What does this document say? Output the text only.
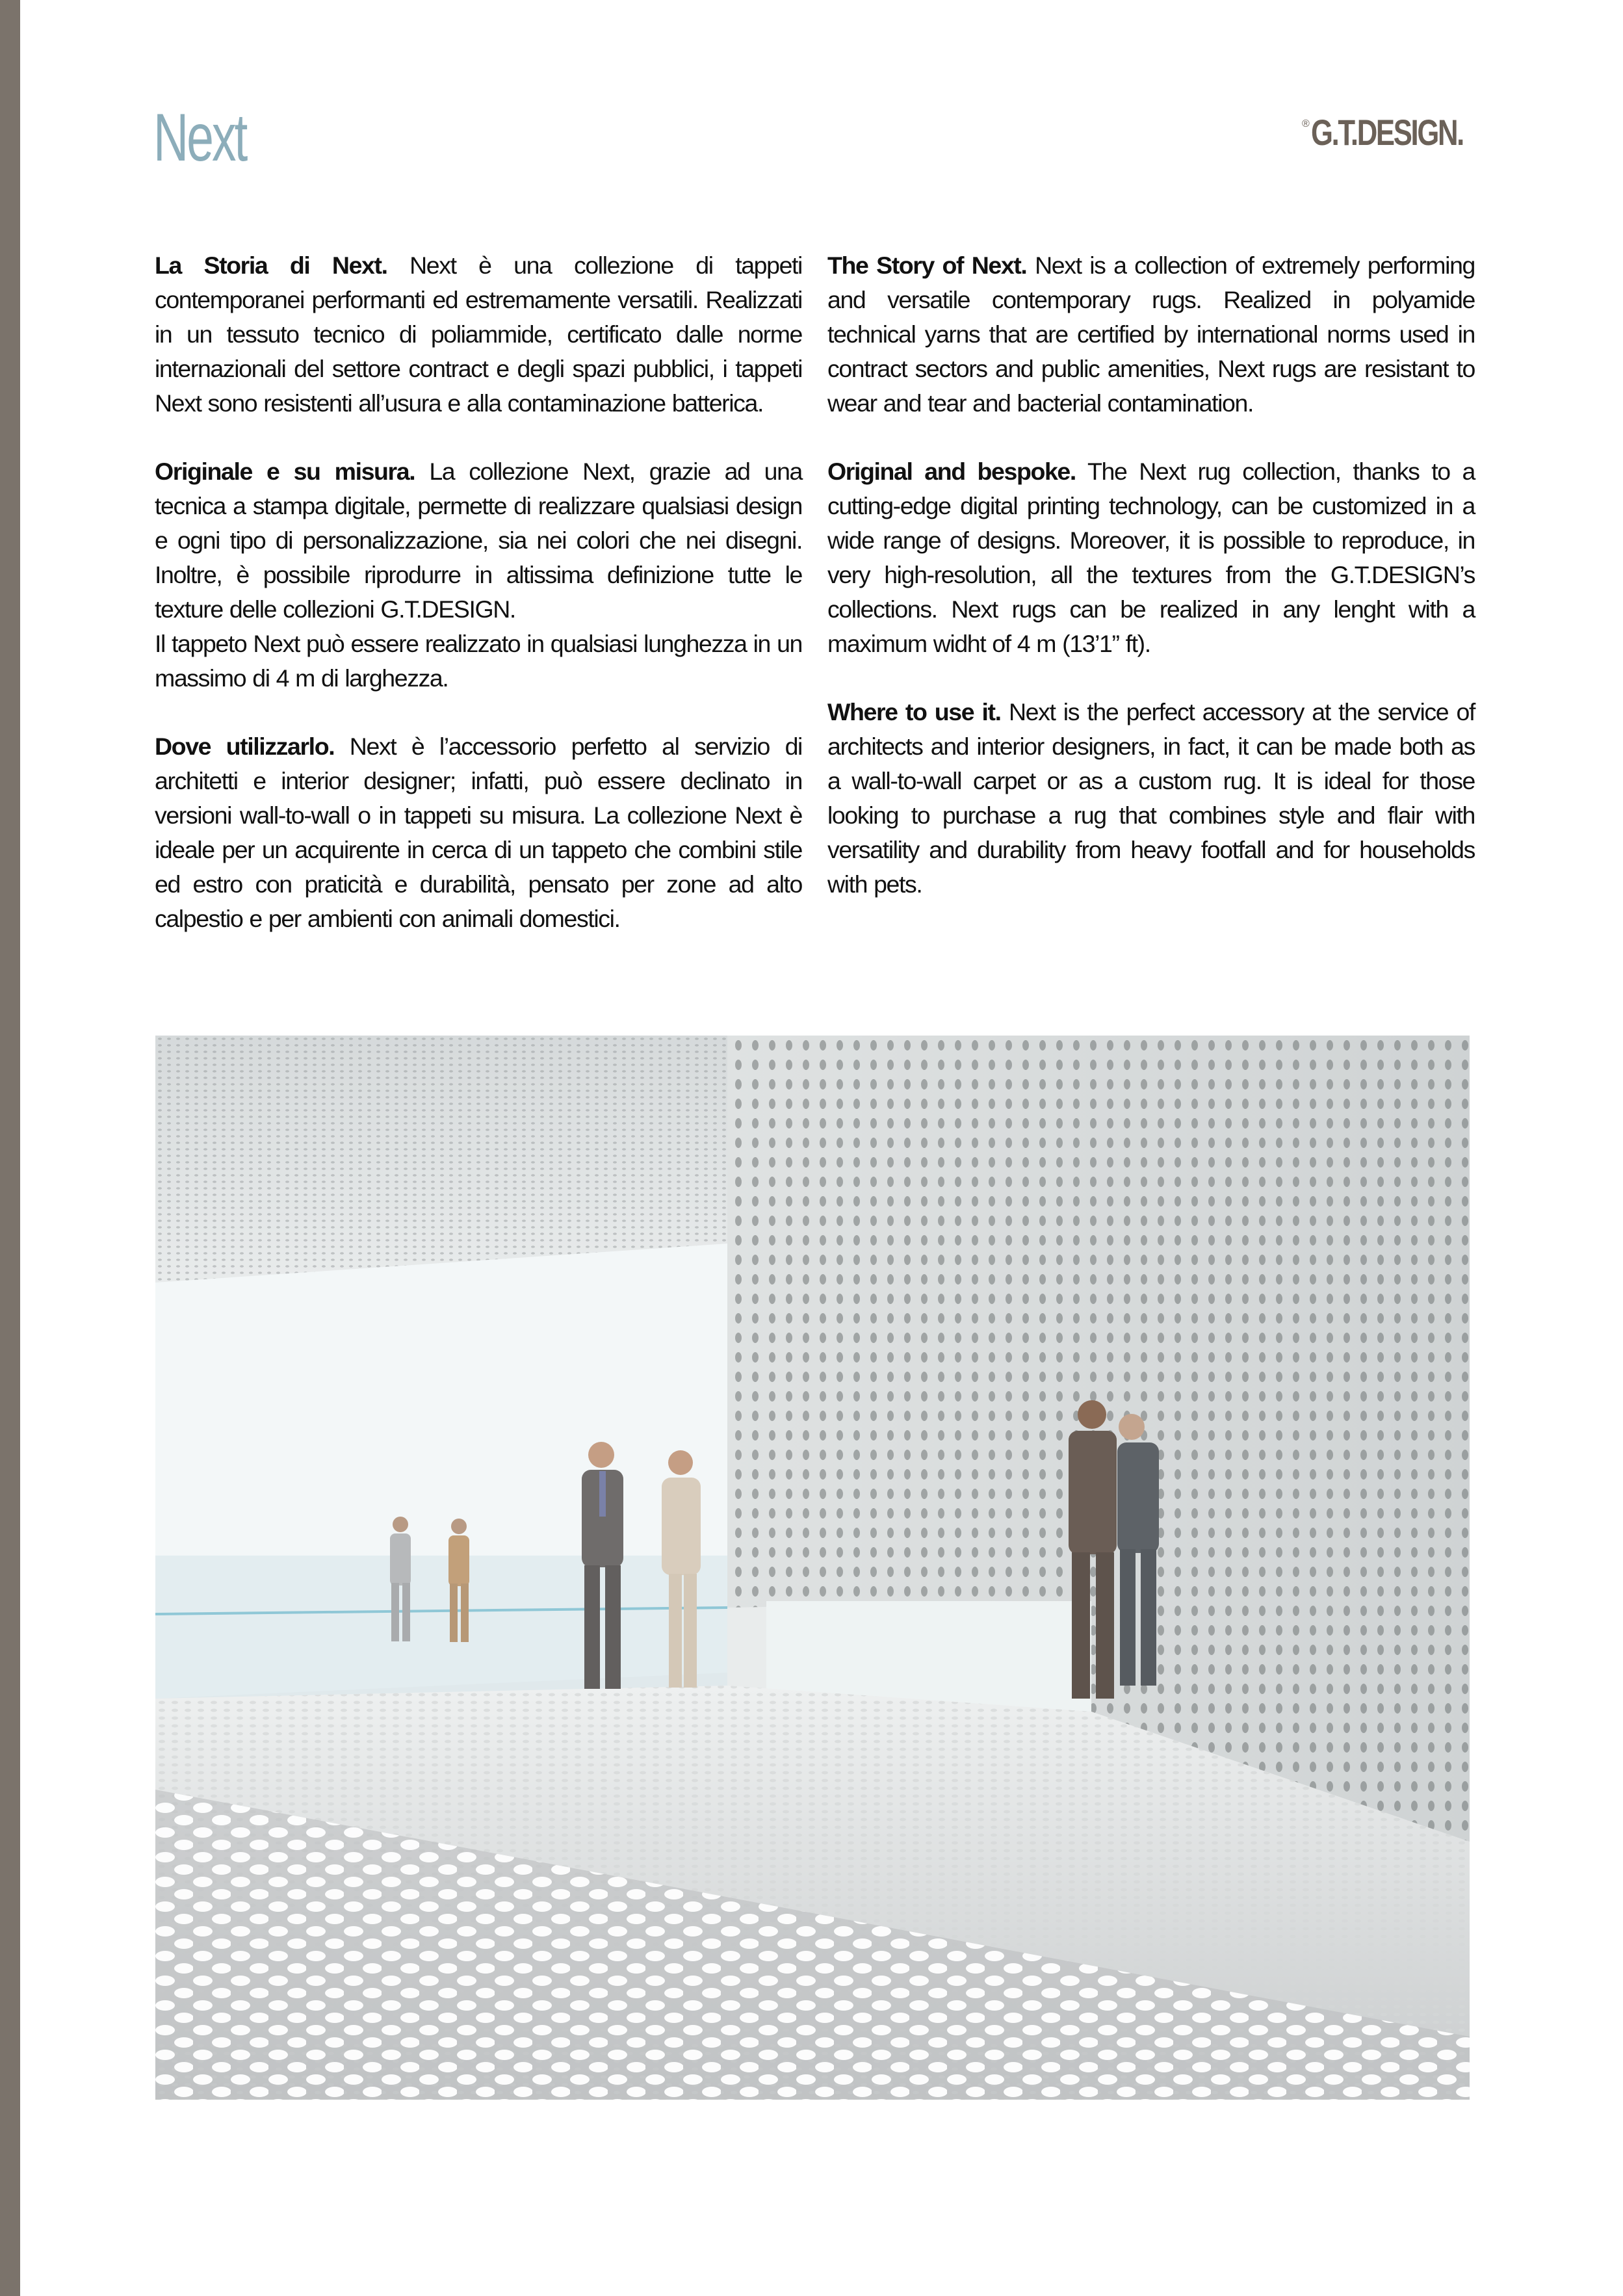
Next	® G.T.DESIGN.

La Storia di Next. Next è una collezione di tappeti contemporanei performanti ed estremamente versatili. Realizzati in un tessuto tecnico di poliammide, certificato dalle norme internazionali del settore contract e degli spazi pubblici, i tappeti Next sono resistenti all’usura e alla contaminazione batterica.

Originale e su misura. La collezione Next, grazie ad una tecnica a stampa digitale, permette di realizzare qualsiasi design e ogni tipo di personalizzazione, sia nei colori che nei disegni. Inoltre, è possibile riprodurre in altissima definizione tutte le texture delle collezioni G.T.DESIGN.
Il tappeto Next può essere realizzato in qualsiasi lunghezza in un massimo di 4 m di larghezza.

Dove utilizzarlo. Next è l’accessorio perfetto al servizio di architetti e interior designer; infatti, può essere declinato in versioni wall-to-wall o in tappeti su misura. La collezione Next è ideale per un acquirente in cerca di un tappeto che combini stile ed estro con praticità e durabilità, pensato per zone ad alto calpestio e per ambienti con animali domestici.

The Story of Next. Next is a collection of extremely performing and versatile contemporary rugs. Realized in polyamide technical yarns that are certified by international norms used in contract sectors and public amenities, Next rugs are resistant to wear and tear and bacterial contamination.

Original and bespoke. The Next rug collection, thanks to a cutting-edge digital printing technology, can be customized in a wide range of designs. Moreover, it is possible to reproduce, in very high-resolution, all the textures from the G.T.DESIGN’s collections. Next rugs can be realized in any lenght with a maximum widht of 4 m (13’1” ft).

Where to use it. Next is the perfect accessory at the service of architects and interior designers, in fact, it can be made both as a wall-to-wall carpet or as a custom rug. It is ideal for those looking to purchase a rug that combines style and flair with versatility and durability from heavy footfall and for households with pets.
